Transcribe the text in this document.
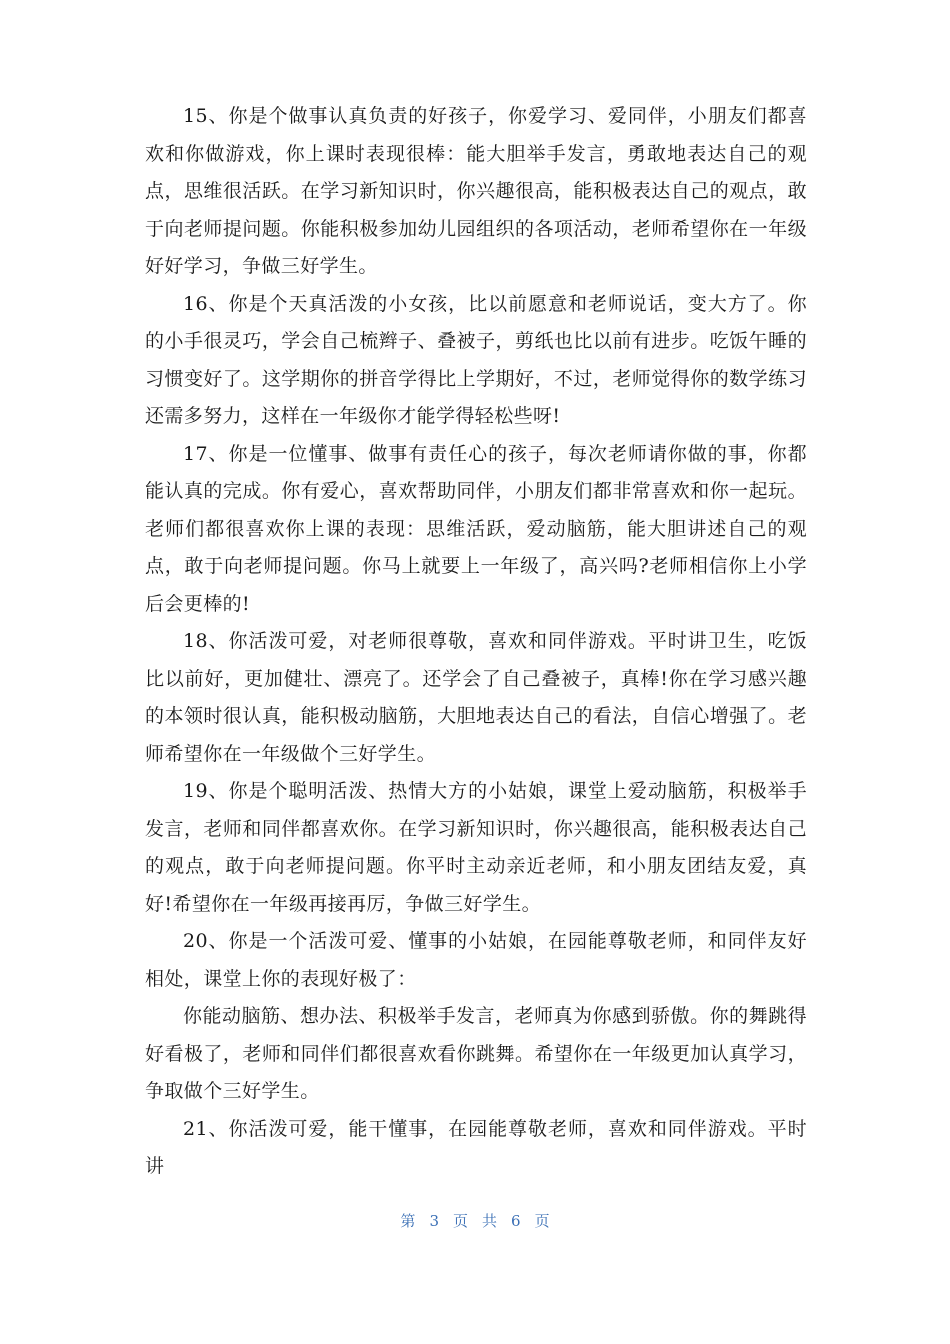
15、你是个做事认真负责的好孩子，你爱学习、爱同伴，小朋友们都喜欢和你做游戏，你上课时表现很棒：能大胆举手发言，勇敢地表达自己的观点，思维很活跃。在学习新知识时，你兴趣很高，能积极表达自己的观点，敢于向老师提问题。你能积极参加幼儿园组织的各项活动，老师希望你在一年级好好学习，争做三好学生。

16、你是个天真活泼的小女孩，比以前愿意和老师说话，变大方了。你的小手很灵巧，学会自己梳辫子、叠被子，剪纸也比以前有进步。吃饭午睡的习惯变好了。这学期你的拼音学得比上学期好，不过，老师觉得你的数学练习还需多努力，这样在一年级你才能学得轻松些呀!

17、你是一位懂事、做事有责任心的孩子，每次老师请你做的事，你都能认真的完成。你有爱心，喜欢帮助同伴，小朋友们都非常喜欢和你一起玩。老师们都很喜欢你上课的表现：思维活跃，爱动脑筋，能大胆讲述自己的观点，敢于向老师提问题。你马上就要上一年级了，高兴吗?老师相信你上小学后会更棒的!

18、你活泼可爱，对老师很尊敬，喜欢和同伴游戏。平时讲卫生，吃饭比以前好，更加健壮、漂亮了。还学会了自己叠被子，真棒!你在学习感兴趣的本领时很认真，能积极动脑筋，大胆地表达自己的看法，自信心增强了。老师希望你在一年级做个三好学生。

19、你是个聪明活泼、热情大方的小姑娘，课堂上爱动脑筋，积极举手发言，老师和同伴都喜欢你。在学习新知识时，你兴趣很高，能积极表达自己的观点，敢于向老师提问题。你平时主动亲近老师，和小朋友团结友爱，真好!希望你在一年级再接再厉，争做三好学生。

20、你是一个活泼可爱、懂事的小姑娘，在园能尊敬老师，和同伴友好相处，课堂上你的表现好极了：

你能动脑筋、想办法、积极举手发言，老师真为你感到骄傲。你的舞跳得好看极了，老师和同伴们都很喜欢看你跳舞。希望你在一年级更加认真学习，争取做个三好学生。

21、你活泼可爱，能干懂事，在园能尊敬老师，喜欢和同伴游戏。平时讲

第 3 页 共 6 页
